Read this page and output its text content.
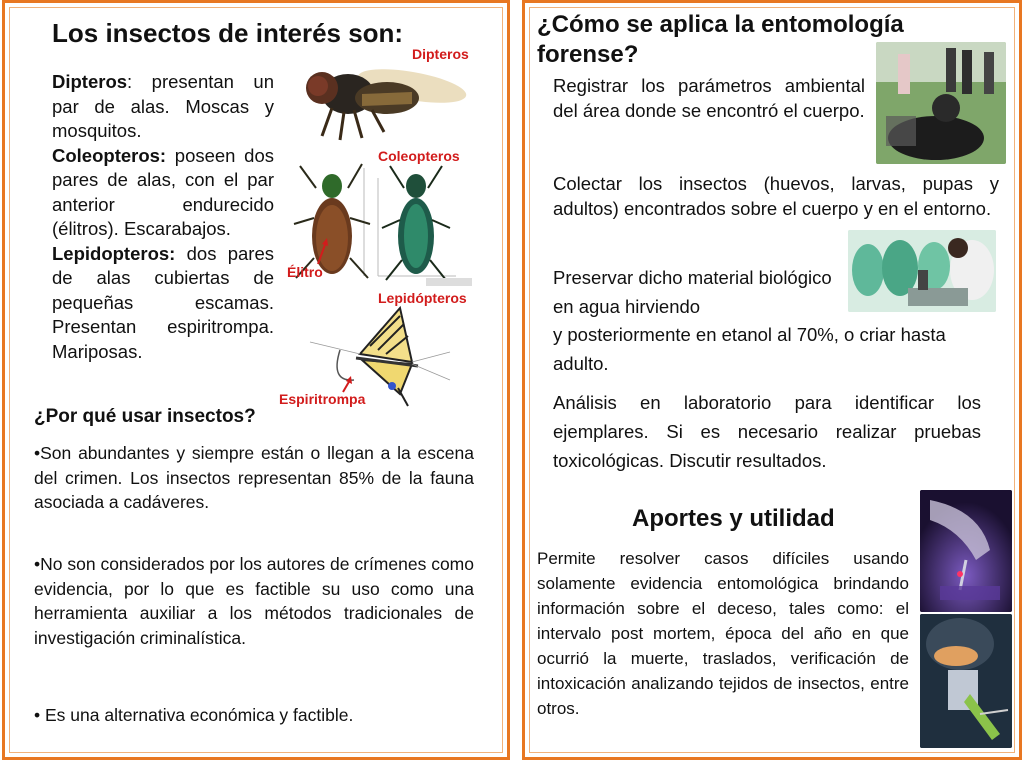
Los insectos de interés son:
Dipteros: presentan un par de alas. Moscas y mosquitos.
Coleopteros: poseen dos pares de alas, con el par anterior endurecido (élitros). Escarabajos.
Lepidopteros: dos pares de alas cubiertas de pequeñas escamas. Presentan espiritrompa. Mariposas.
Dipteros
Coleopteros
Élitro
Lepidópteros
Espiritrompa
¿Por qué usar insectos?
•Son abundantes y siempre están o llegan a la escena del crimen. Los insectos representan 85% de la fauna asociada a cadáveres.
•No son considerados por los autores de crímenes como evidencia, por lo que es factible su uso como una herramienta auxiliar a los métodos tradicionales de investigación criminalística.
• Es una alternativa económica y factible.
¿Cómo se aplica la entomología forense?
Registrar los parámetros ambiental del área donde se encontró el cuerpo.
Colectar los insectos (huevos, larvas, pupas y adultos) encontrados sobre el cuerpo y en el entorno.
Preservar dicho material biológico en agua hirviendo
y posteriormente en etanol al 70%, o criar hasta adulto.
Análisis en laboratorio para identificar los ejemplares. Si es necesario realizar pruebas toxicológicas. Discutir resultados.
Aportes y utilidad
Permite resolver casos difíciles usando solamente evidencia entomológica brindando información sobre el deceso, tales como: el intervalo post mortem, época del año en que ocurrió la muerte, traslados, verificación de intoxicación analizando tejidos de insectos, entre otros.
